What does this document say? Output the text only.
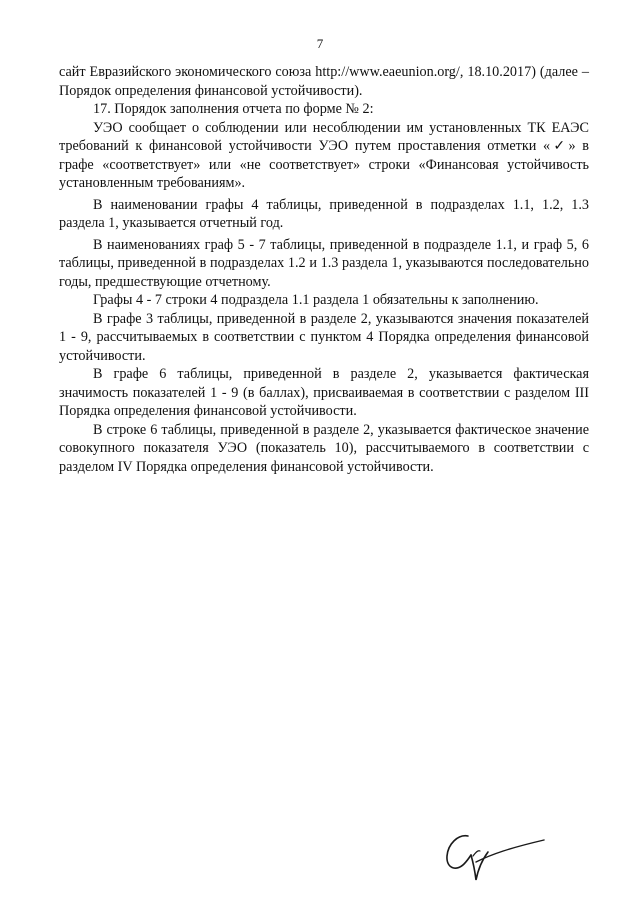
7

сайт Евразийского экономического союза http://www.eaeunion.org/, 18.10.2017) (далее – Порядок определения финансовой устойчивости).

17. Порядок заполнения отчета по форме № 2:

УЭО сообщает о соблюдении или несоблюдении им установленных ТК ЕАЭС требований к финансовой устойчивости УЭО путем проставления отметки «✓» в графе «соответствует» или «не соответствует» строки «Финансовая устойчивость установленным требованиям».

В наименовании графы 4 таблицы, приведенной в подразделах 1.1, 1.2, 1.3 раздела 1, указывается отчетный год.

В наименованиях граф 5 - 7 таблицы, приведенной в подразделе 1.1, и граф 5, 6 таблицы, приведенной в подразделах 1.2 и 1.3 раздела 1, указываются последовательно годы, предшествующие отчетному.

Графы 4 - 7 строки 4 подраздела 1.1 раздела 1 обязательны к заполнению.

В графе 3 таблицы, приведенной в разделе 2, указываются значения показателей 1 - 9, рассчитываемых в соответствии с пунктом 4 Порядка определения финансовой устойчивости.

В графе 6 таблицы, приведенной в разделе 2, указывается фактическая значимость показателей 1 - 9 (в баллах), присваиваемая в соответствии с разделом III Порядка определения финансовой устойчивости.

В строке 6 таблицы, приведенной в разделе 2, указывается фактическое значение совокупного показателя УЭО (показатель 10), рассчитываемого в соответствии с разделом IV Порядка определения финансовой устойчивости.
